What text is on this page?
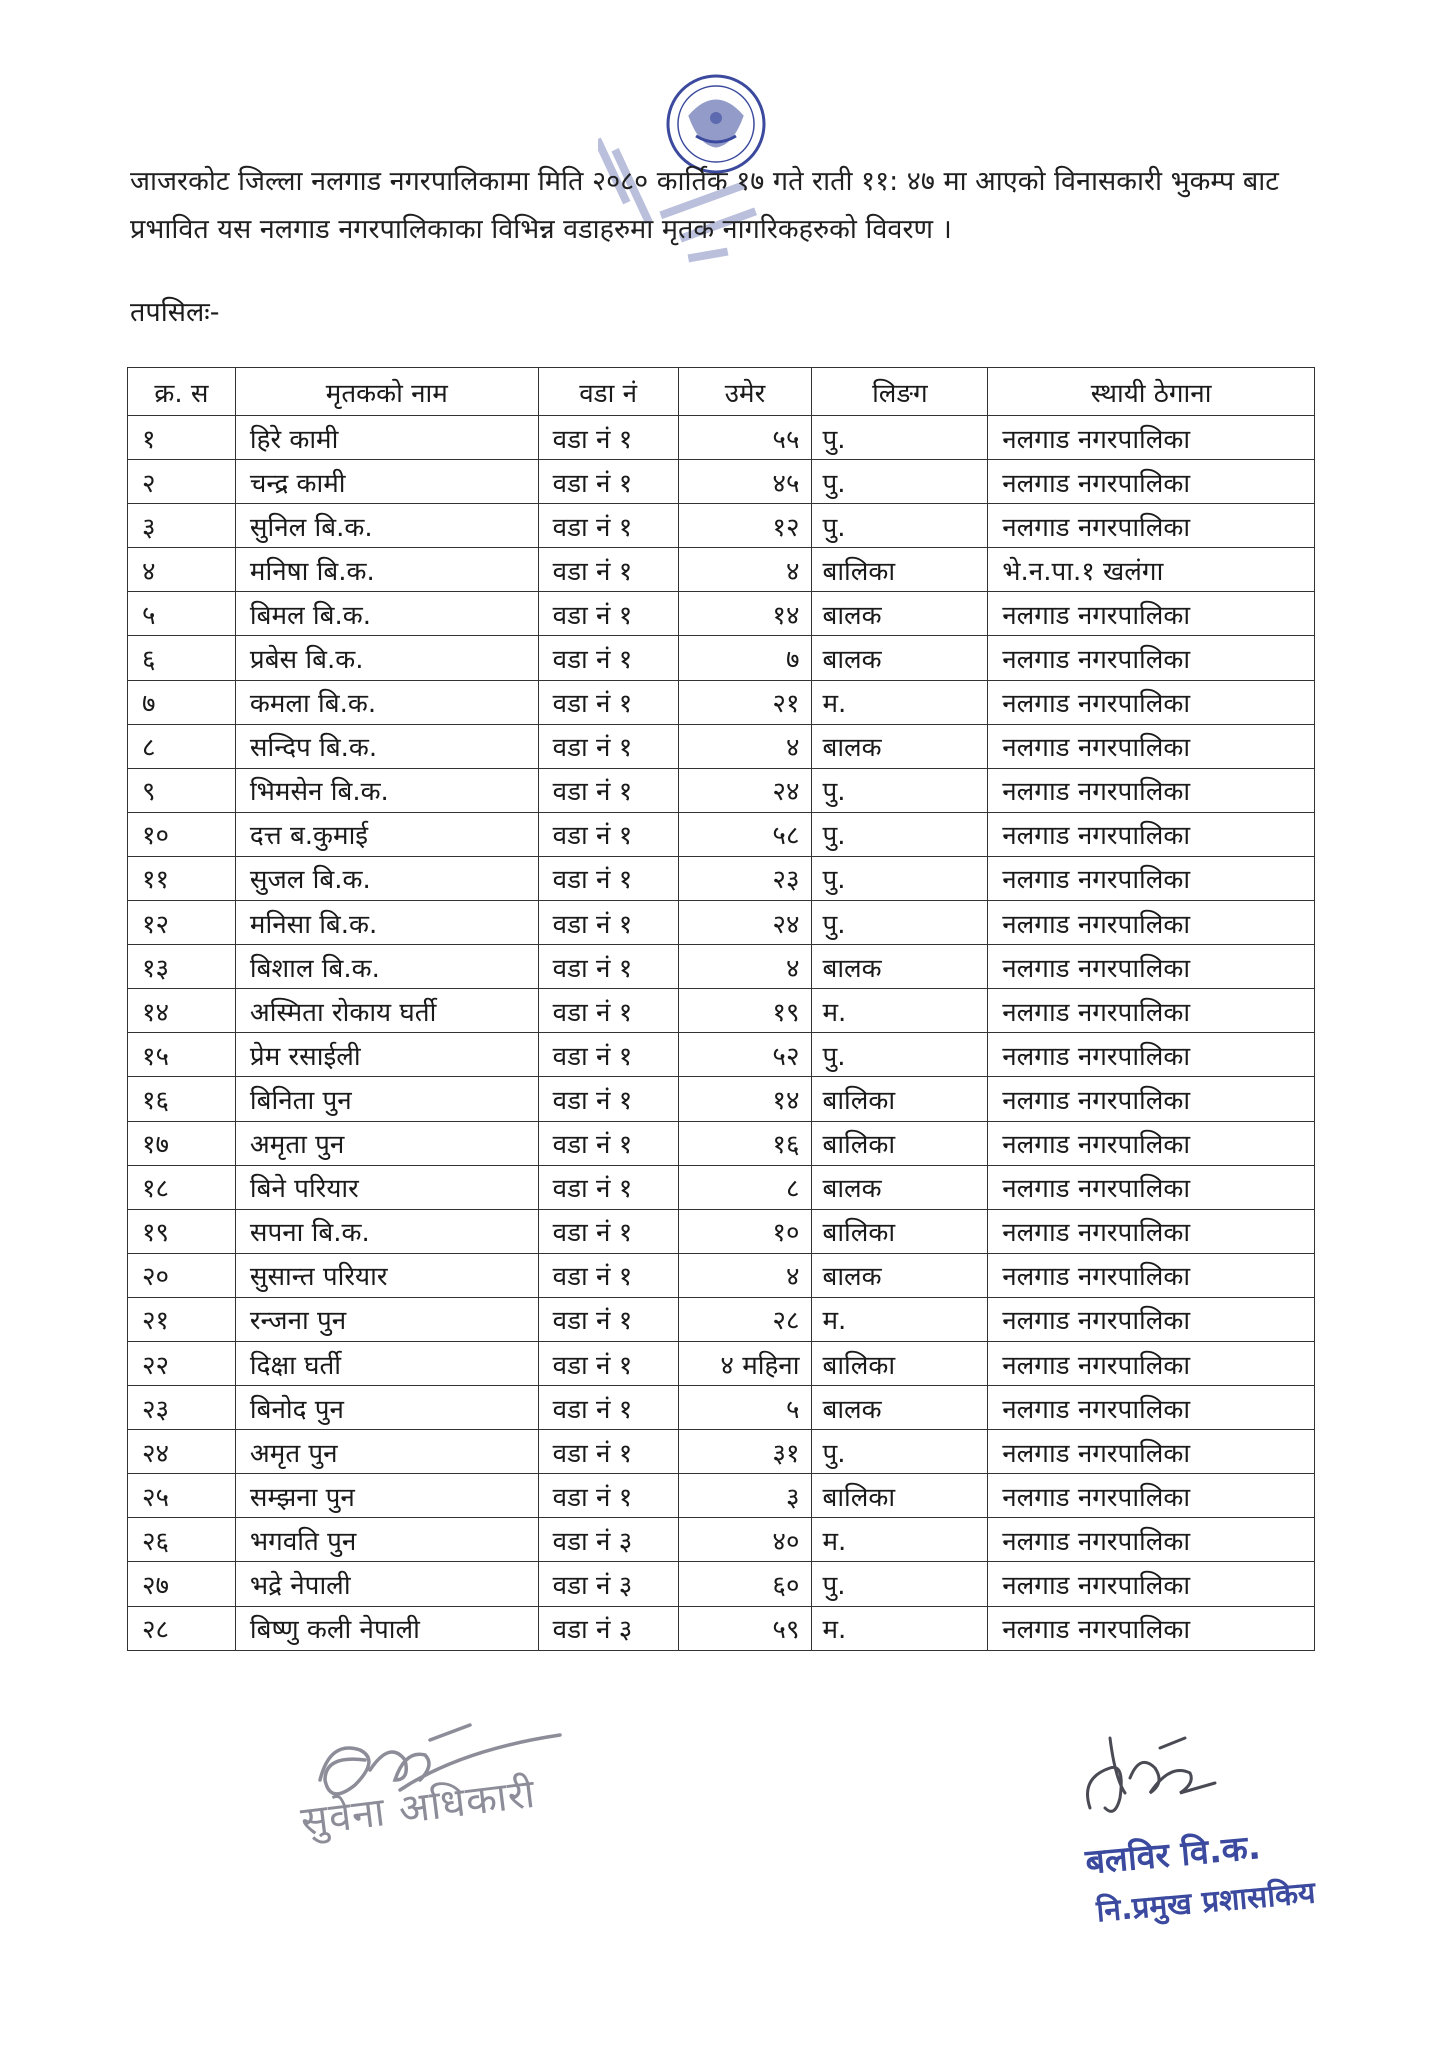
जाजरकोट जिल्ला नलगाड नगरपालिकामा मिति २०८० कार्तिक १७ गते राती ११: ४७ मा आएको विनासकारी भुकम्प बाट

प्रभावित यस नलगाड नगरपालिकाका विभिन्न वडाहरुमा मृतक नागरिकहरुको विवरण ।

तपसिलः-
क्र. स	मृतकको नाम	वडा नं	उमेर	लिङग	स्थायी ठेगाना
१	हिरे कामी	वडा नं १	५५	पु.	नलगाड नगरपालिका
२	चन्द्र कामी	वडा नं १	४५	पु.	नलगाड नगरपालिका
३	सुनिल बि.क.	वडा नं १	१२	पु.	नलगाड नगरपालिका
४	मनिषा बि.क.	वडा नं १	४	बालिका	भे.न.पा.१ खलंगा
५	बिमल बि.क.	वडा नं १	१४	बालक	नलगाड नगरपालिका
६	प्रबेस बि.क.	वडा नं १	७	बालक	नलगाड नगरपालिका
७	कमला बि.क.	वडा नं १	२१	म.	नलगाड नगरपालिका
८	सन्दिप बि.क.	वडा नं १	४	बालक	नलगाड नगरपालिका
९	भिमसेन बि.क.	वडा नं १	२४	पु.	नलगाड नगरपालिका
१०	दत्त ब.कुमाई	वडा नं १	५८	पु.	नलगाड नगरपालिका
११	सुजल बि.क.	वडा नं १	२३	पु.	नलगाड नगरपालिका
१२	मनिसा बि.क.	वडा नं १	२४	पु.	नलगाड नगरपालिका
१३	बिशाल बि.क.	वडा नं १	४	बालक	नलगाड नगरपालिका
१४	अस्मिता रोकाय घर्ती	वडा नं १	१९	म.	नलगाड नगरपालिका
१५	प्रेम रसाईली	वडा नं १	५२	पु.	नलगाड नगरपालिका
१६	बिनिता पुन	वडा नं १	१४	बालिका	नलगाड नगरपालिका
१७	अमृता पुन	वडा नं १	१६	बालिका	नलगाड नगरपालिका
१८	बिने परियार	वडा नं १	८	बालक	नलगाड नगरपालिका
१९	सपना बि.क.	वडा नं १	१०	बालिका	नलगाड नगरपालिका
२०	सुसान्त परियार	वडा नं १	४	बालक	नलगाड नगरपालिका
२१	रन्जना पुन	वडा नं १	२८	म.	नलगाड नगरपालिका
२२	दिक्षा घर्ती	वडा नं १	४ महिना	बालिका	नलगाड नगरपालिका
२३	बिनोद पुन	वडा नं १	५	बालक	नलगाड नगरपालिका
२४	अमृत पुन	वडा नं १	३१	पु.	नलगाड नगरपालिका
२५	सम्झना पुन	वडा नं १	३	बालिका	नलगाड नगरपालिका
२६	भगवति पुन	वडा नं ३	४०	म.	नलगाड नगरपालिका
२७	भद्रे नेपाली	वडा नं ३	६०	पु.	नलगाड नगरपालिका
२८	बिष्णु कली नेपाली	वडा नं ३	५९	म.	नलगाड नगरपालिका
सुवेना अधिकारी
बलविर वि.क.
नि.प्रमुख प्रशासकिय
